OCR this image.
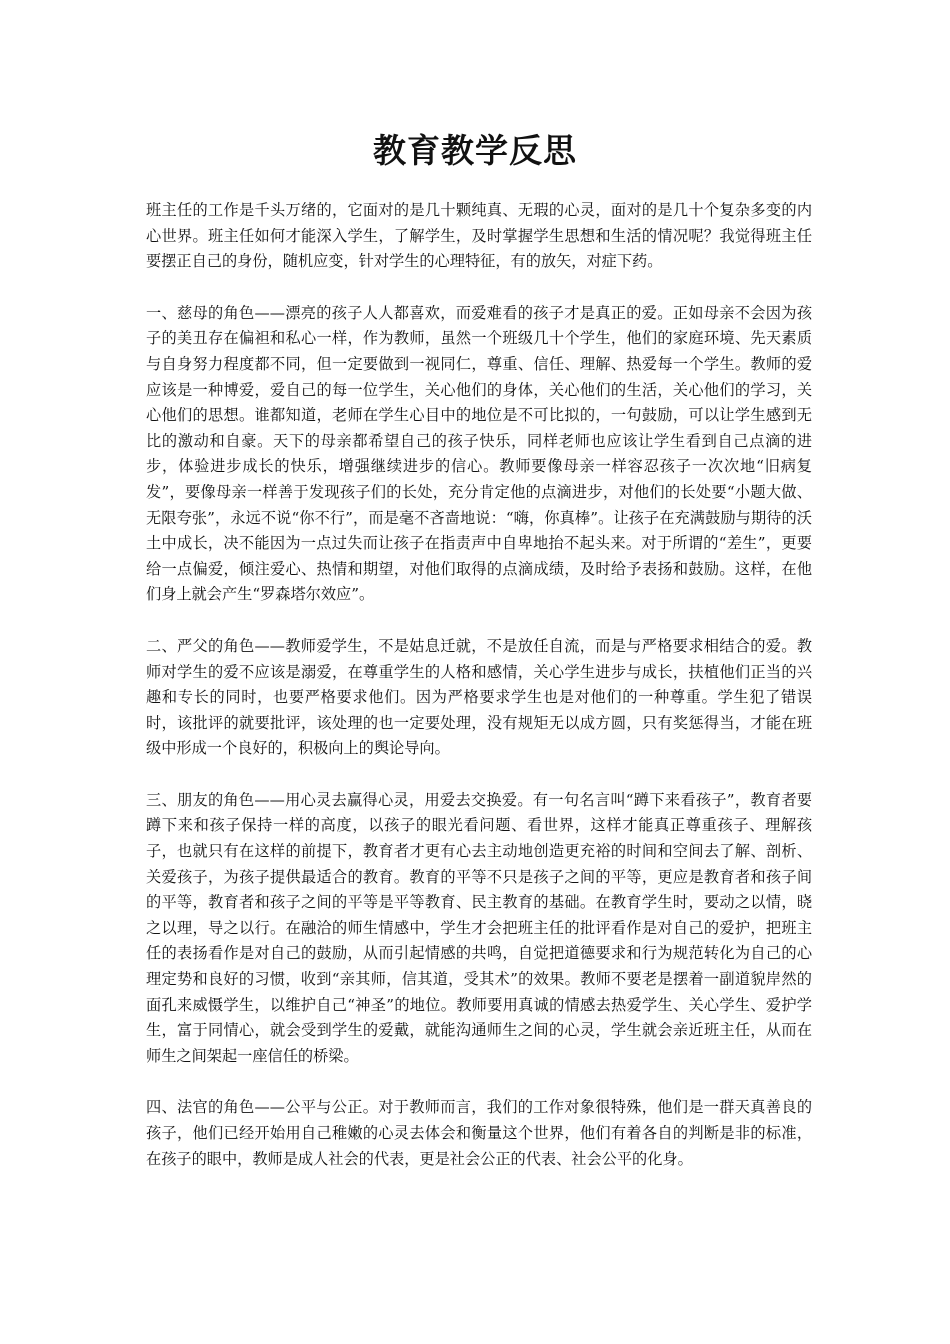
教育教学反思

班主任的工作是千头万绪的，它面对的是几十颗纯真、无瑕的心灵，面对的是几十个复杂多变的内心世界。班主任如何才能深入学生，了解学生，及时掌握学生思想和生活的情况呢？我觉得班主任要摆正自己的身份，随机应变，针对学生的心理特征，有的放矢，对症下药。

一、慈母的角色——漂亮的孩子人人都喜欢，而爱难看的孩子才是真正的爱。正如母亲不会因为孩子的美丑存在偏袒和私心一样，作为教师，虽然一个班级几十个学生，他们的家庭环境、先天素质与自身努力程度都不同，但一定要做到一视同仁，尊重、信任、理解、热爱每一个学生。教师的爱应该是一种博爱，爱自己的每一位学生，关心他们的身体，关心他们的生活，关心他们的学习，关心他们的思想。谁都知道，老师在学生心目中的地位是不可比拟的，一句鼓励，可以让学生感到无比的激动和自豪。天下的母亲都希望自己的孩子快乐，同样老师也应该让学生看到自己点滴的进步，体验进步成长的快乐，增强继续进步的信心。教师要像母亲一样容忍孩子一次次地“旧病复发”，要像母亲一样善于发现孩子们的长处，充分肯定他的点滴进步，对他们的长处要“小题大做、无限夸张”，永远不说“你不行”，而是毫不吝啬地说：“嗨，你真棒”。让孩子在充满鼓励与期待的沃土中成长，决不能因为一点过失而让孩子在指责声中自卑地抬不起头来。对于所谓的“差生”，更要给一点偏爱，倾注爱心、热情和期望，对他们取得的点滴成绩，及时给予表扬和鼓励。这样，在他们身上就会产生“罗森塔尔效应”。

二、严父的角色——教师爱学生，不是姑息迁就，不是放任自流，而是与严格要求相结合的爱。教师对学生的爱不应该是溺爱，在尊重学生的人格和感情，关心学生进步与成长，扶植他们正当的兴趣和专长的同时，也要严格要求他们。因为严格要求学生也是对他们的一种尊重。学生犯了错误时，该批评的就要批评，该处理的也一定要处理，没有规矩无以成方圆，只有奖惩得当，才能在班级中形成一个良好的，积极向上的舆论导向。

三、朋友的角色——用心灵去赢得心灵，用爱去交换爱。有一句名言叫“蹲下来看孩子”，教育者要蹲下来和孩子保持一样的高度，以孩子的眼光看问题、看世界，这样才能真正尊重孩子、理解孩子，也就只有在这样的前提下，教育者才更有心去主动地创造更充裕的时间和空间去了解、剖析、关爱孩子，为孩子提供最适合的教育。教育的平等不只是孩子之间的平等，更应是教育者和孩子间的平等，教育者和孩子之间的平等是平等教育、民主教育的基础。在教育学生时，要动之以情，晓之以理，导之以行。在融洽的师生情感中，学生才会把班主任的批评看作是对自己的爱护，把班主任的表扬看作是对自己的鼓励，从而引起情感的共鸣，自觉把道德要求和行为规范转化为自己的心理定势和良好的习惯，收到“亲其师，信其道，受其术”的效果。教师不要老是摆着一副道貌岸然的面孔来威慑学生，以维护自己“神圣”的地位。教师要用真诚的情感去热爱学生、关心学生、爱护学生，富于同情心，就会受到学生的爱戴，就能沟通师生之间的心灵，学生就会亲近班主任，从而在师生之间架起一座信任的桥梁。

四、法官的角色——公平与公正。对于教师而言，我们的工作对象很特殊，他们是一群天真善良的孩子，他们已经开始用自己稚嫩的心灵去体会和衡量这个世界，他们有着各自的判断是非的标准，在孩子的眼中，教师是成人社会的代表，更是社会公正的代表、社会公平的化身。
